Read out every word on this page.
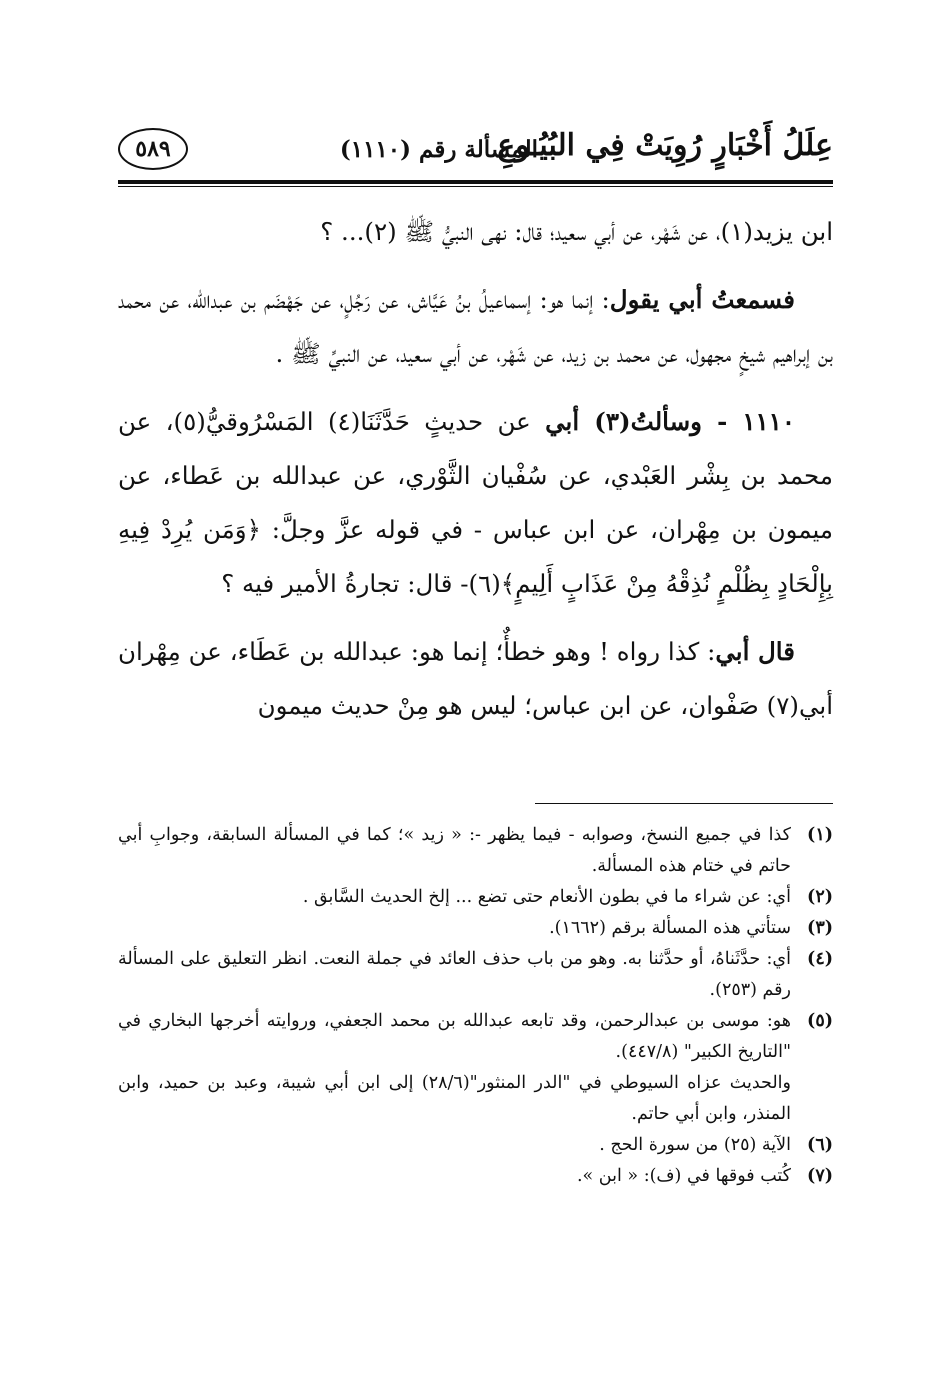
عِلَلُ أَخْبَارٍ رُوِيَتْ فِي البُيُـوعِ
المسألة رقم (١١١٠)
٥٨٩

ابن يزيد(١)، عن شَهْر، عن أبي سعيد؛ قال: نهى النبيُّ ﷺ (٢)... ؟

فسمعتُ أبي يقول: إنما هو: إسماعيلُ بنُ عَيَّاش، عن رَجُلٍ، عن جَهْضَم بن عبدالله، عن محمد بن إبراهيم شيخٍ مجهول، عن محمد بن زيد، عن شَهْر، عن أبي سعيد، عن النبيِّ ﷺ .

١١١٠ - وسألتُ(٣) أبي عن حديثٍ حَدَّثَنَا(٤) المَسْرُوقيُّ(٥)، عن محمد بن بِشْر العَبْدي، عن سُفْيان الثَّوْري، عن عبدالله بن عَطاء، عن ميمون بن مِهْران، عن ابن عباس - في قوله عزَّ وجلَّ: ﴿وَمَن يُرِدْ فِيهِ بِإِلْحَادٍ بِظُلْمٍ نُذِقْهُ مِنْ عَذَابٍ أَلِيمٍ﴾(٦)- قال: تجارةُ الأمير فيه ؟

قال أبي: كذا رواه ! وهو خطأٌ؛ إنما هو: عبدالله بن عَطَاء، عن مِهْران أبي(٧) صَفْوان، عن ابن عباس؛ ليس هو مِنْ حديث ميمون

(١)
كذا في جميع النسخ، وصوابه - فيما يظهر -: « زيد »؛ كما في المسألة السابقة، وجوابِ أبي حاتم في ختام هذه المسألة.
(٢)
أي: عن شراء ما في بطون الأنعام حتى تضع ... إلخ الحديث السَّابق .
(٣)
ستأتي هذه المسألة برقم (١٦٦٢).
(٤)
أي: حدَّثَناهُ، أو حدَّثنا به. وهو من باب حذف العائد في جملة النعت. انظر التعليق على المسألة رقم (٢٥٣).
(٥)
هو: موسى بن عبدالرحمن، وقد تابعه عبدالله بن محمد الجعفي، وروايته أخرجها البخاري في "التاريخ الكبير" (٤٤٧/٨).
والحديث عزاه السيوطي في "الدر المنثور"(٢٨/٦) إلى ابن أبي شيبة، وعبد بن حميد، وابن المنذر، وابن أبي حاتم.
(٦)
الآية (٢٥) من سورة الحج .
(٧)
كُتب فوقها في (ف): « ابن ».
